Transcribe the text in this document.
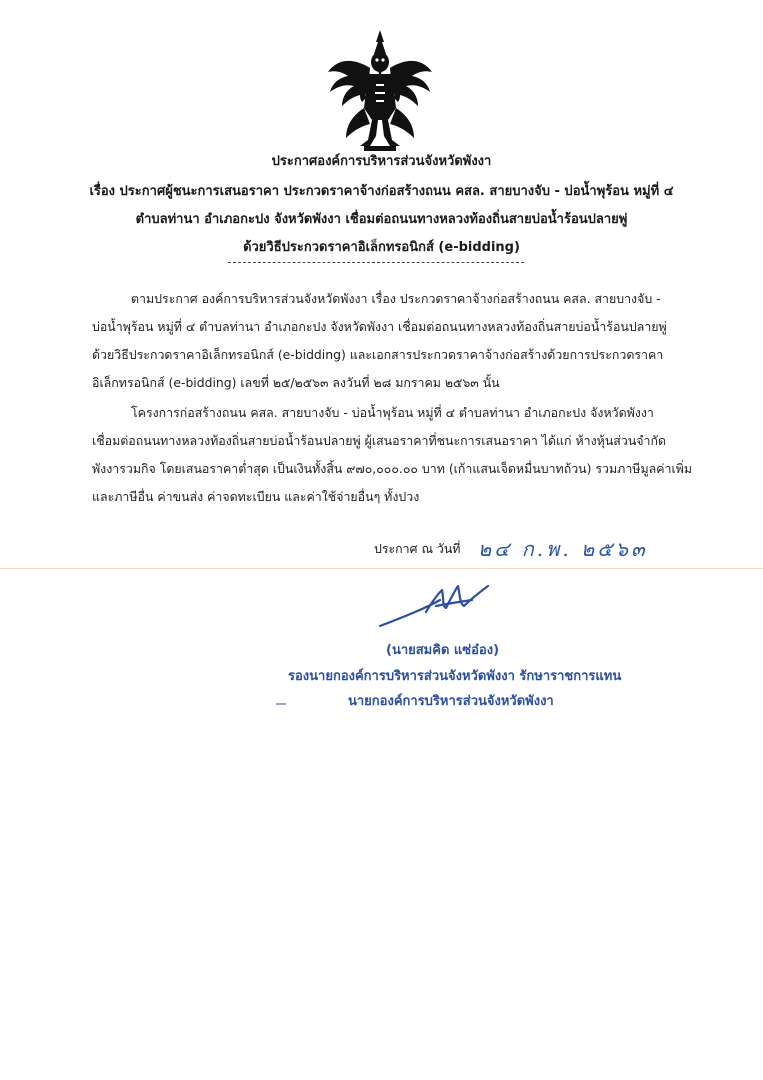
ประกาศองค์การบริหารส่วนจังหวัดพังงา
เรื่อง ประกาศผู้ชนะการเสนอราคา ประกวดราคาจ้างก่อสร้างถนน คสล. สายบางจับ - บ่อน้ำพุร้อน หมู่ที่ ๔
ตำบลท่านา อำเภอกะปง จังหวัดพังงา เชื่อมต่อถนนทางหลวงท้องถิ่นสายบ่อน้ำร้อนปลายพู่
ด้วยวิธีประกวดราคาอิเล็กทรอนิกส์ (e-bidding)
ตามประกาศ องค์การบริหารส่วนจังหวัดพังงา เรื่อง ประกวดราคาจ้างก่อสร้างถนน คสล. สายบางจับ -
บ่อน้ำพุร้อน หมู่ที่ ๔ ตำบลท่านา อำเภอกะปง จังหวัดพังงา เชื่อมต่อถนนทางหลวงท้องถิ่นสายบ่อน้ำร้อนปลายพู่
ด้วยวิธีประกวดราคาอิเล็กทรอนิกส์ (e-bidding) และเอกสารประกวดราคาจ้างก่อสร้างด้วยการประกวดราคา
อิเล็กทรอนิกส์ (e-bidding) เลขที่ ๒๕/๒๕๖๓ ลงวันที่ ๒๘ มกราคม ๒๕๖๓ นั้น
โครงการก่อสร้างถนน คสล. สายบางจับ - บ่อน้ำพุร้อน หมู่ที่ ๔ ตำบลท่านา อำเภอกะปง จังหวัดพังงา
เชื่อมต่อถนนทางหลวงท้องถิ่นสายบ่อน้ำร้อนปลายพู่ ผู้เสนอราคาที่ชนะการเสนอราคา ได้แก่ ห้างหุ้นส่วนจำกัด
พังงารวมกิจ โดยเสนอราคาต่ำสุด เป็นเงินทั้งสิ้น ๙๗๐,๐๐๐.๐๐ บาท (เก้าแสนเจ็ดหมื่นบาทถ้วน) รวมภาษีมูลค่าเพิ่ม
และภาษีอื่น ค่าขนส่ง ค่าจดทะเบียน และค่าใช้จ่ายอื่นๆ ทั้งปวง
ประกาศ ณ วันที่ ๒๔ ก.พ. ๒๕๖๓
(นายสมคิด แซ่อ๋อง)
รองนายกองค์การบริหารส่วนจังหวัดพังงา รักษาราชการแทน
นายกองค์การบริหารส่วนจังหวัดพังงา
